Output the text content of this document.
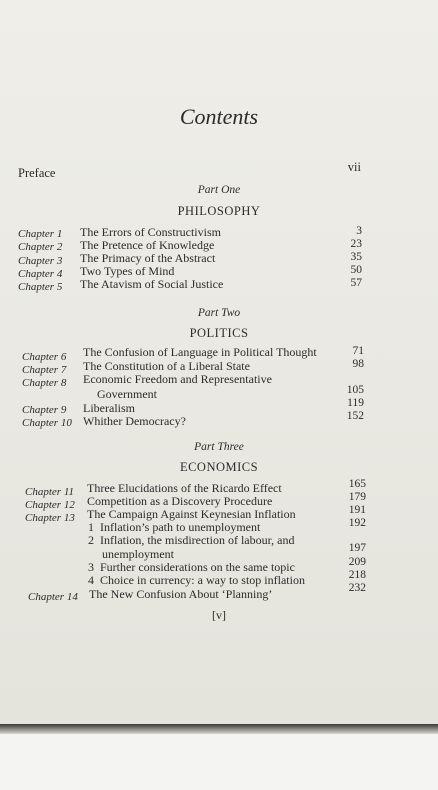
Contents
Preface	vii
Part One
PHILOSOPHY
Chapter 1 The Errors of Constructivism	3
Chapter 2 The Pretence of Knowledge	23
Chapter 3 The Primacy of the Abstract	35
Chapter 4 Two Types of Mind	50
Chapter 5 The Atavism of Social Justice	57
Part Two
POLITICS
Chapter 6 The Confusion of Language in Political Thought	71
Chapter 7 The Constitution of a Liberal State	98
Chapter 8 Economic Freedom and Representative
Government	105
Chapter 9 Liberalism	119
Chapter 10 Whither Democracy?	152
Part Three
ECONOMICS
Chapter 11 Three Elucidations of the Ricardo Effect	165
Chapter 12 Competition as a Discovery Procedure	179
Chapter 13 The Campaign Against Keynesian Inflation	191
1 Inflation’s path to unemployment	192
2 Inflation, the misdirection of labour, and
unemployment	197
3 Further considerations on the same topic	209
4 Choice in currency: a way to stop inflation	218
Chapter 14 The New Confusion About ‘Planning’	232
[v]
